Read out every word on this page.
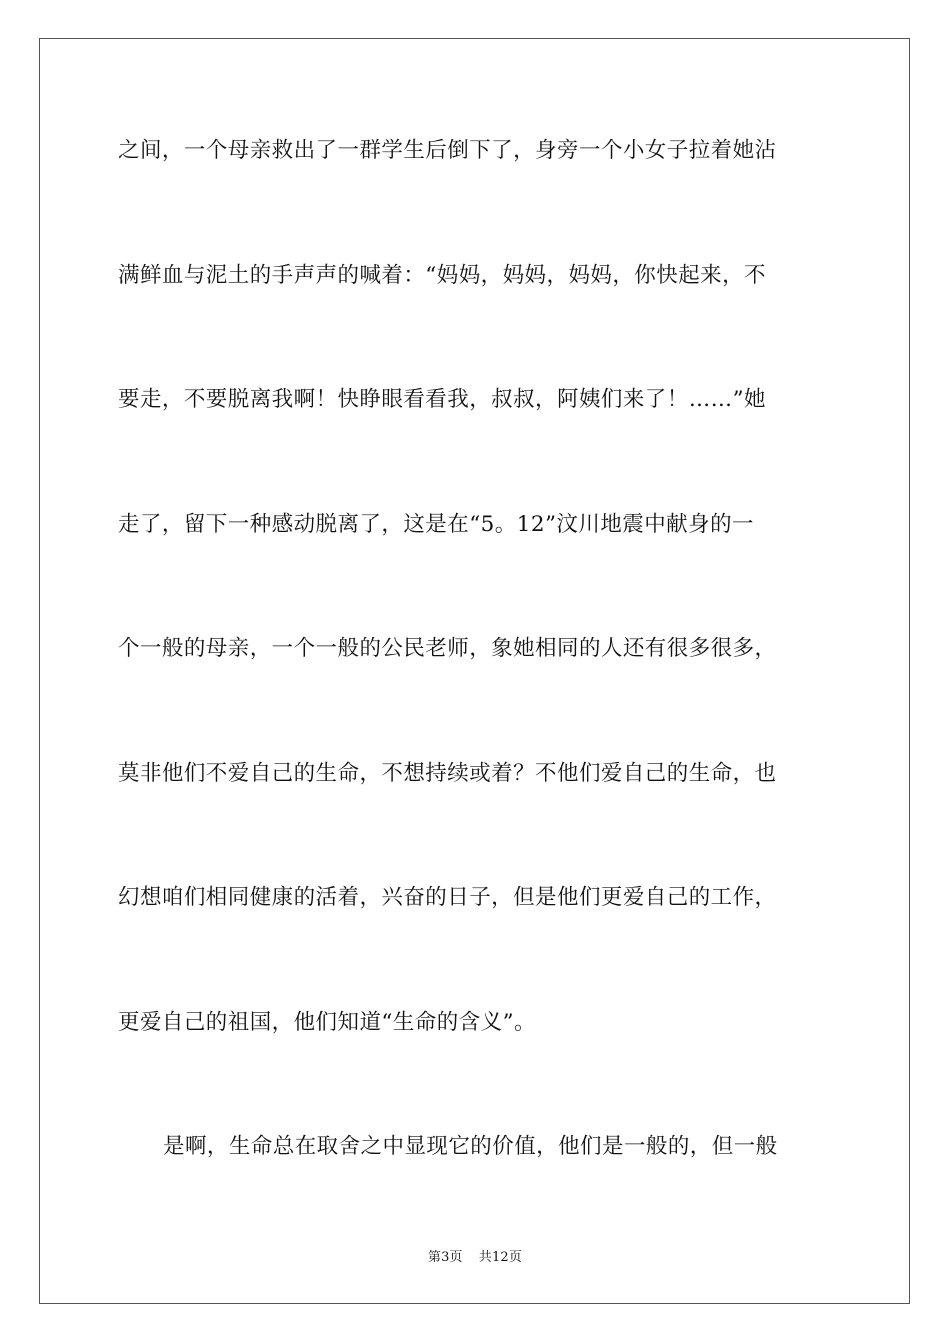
之间，一个母亲救出了一群学生后倒下了，身旁一个小女子拉着她沾
满鲜血与泥土的手声声的喊着：“妈妈，妈妈，妈妈，你快起来，不
要走，不要脱离我啊！快睁眼看看我，叔叔，阿姨们来了！……”她
走了，留下一种感动脱离了，这是在“5。12”汶川地震中献身的一
个一般的母亲，一个一般的公民老师，象她相同的人还有很多很多，
莫非他们不爱自己的生命，不想持续或着？不他们爱自己的生命，也
幻想咱们相同健康的活着，兴奋的日子，但是他们更爱自己的工作，
更爱自己的祖国，他们知道“生命的含义”。
是啊，生命总在取舍之中显现它的价值，他们是一般的，但一般
第3页 共12页
